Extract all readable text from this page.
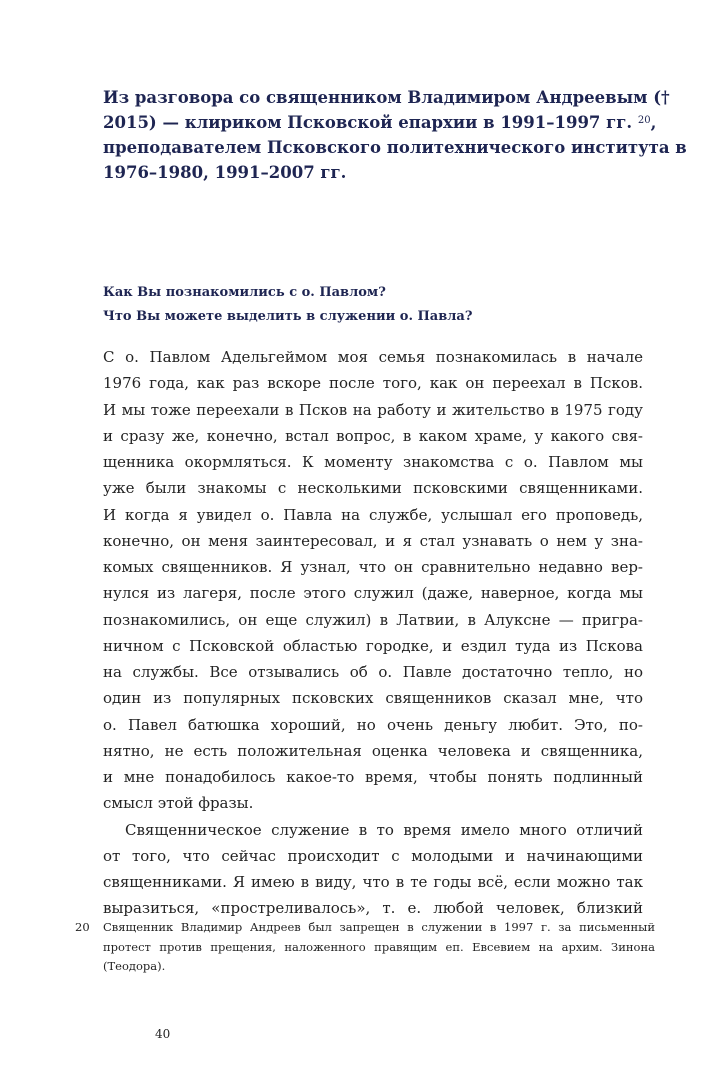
Из разговора со священником Владимиром Андреевым († 2015) — клириком Псковской епархии в 1991–1997 гг. $^{20}$, преподавателем Псковского политехнического института в 1976–1980, 1991–2007 гг.
Как Вы познакомились с о. Павлом?
Что Вы можете выделить в служении о. Павла?
С о. Павлом Адельгеймом моя семья познакомилась в начале
1976 года, как раз вскоре после того, как он переехал в Псков.
И мы тоже переехали в Псков на работу и жительство в 1975 году
и сразу же, конечно, встал вопрос, в каком храме, у какого свя-
щенника окормляться. К моменту знакомства с о. Павлом мы
уже были знакомы с несколькими псковскими священниками.
И когда я увидел о. Павла на службе, услышал его проповедь,
конечно, он меня заинтересовал, и я стал узнавать о нем у зна-
комых священников. Я узнал, что он сравнительно недавно вер-
нулся из лагеря, после этого служил (даже, наверное, когда мы
познакомились, он еще служил) в Латвии, в Алуксне — пригра-
ничном с Псковской областью городке, и ездил туда из Пскова
на службы. Все отзывались об о. Павле достаточно тепло, но
один из популярных псковских священников сказал мне, что
о. Павел батюшка хороший, но очень деньгу любит. Это, по-
нятно, не есть положительная оценка человека и священника,
и мне понадобилось какое-то время, чтобы понять подлинный
смысл этой фразы.
Священническое служение в то время имело много отличий
от того, что сейчас происходит с молодыми и начинающими
священниками. Я имею в виду, что в те годы всё, если можно так
выразиться, «простреливалось», т. е. любой человек, близкий
20 Священник Владимир Андреев был запрещен в служении в 1997 г. за письменный
протест против прещения, наложенного правящим еп. Евсевием на архим. Зинона
(Теодора).
40
